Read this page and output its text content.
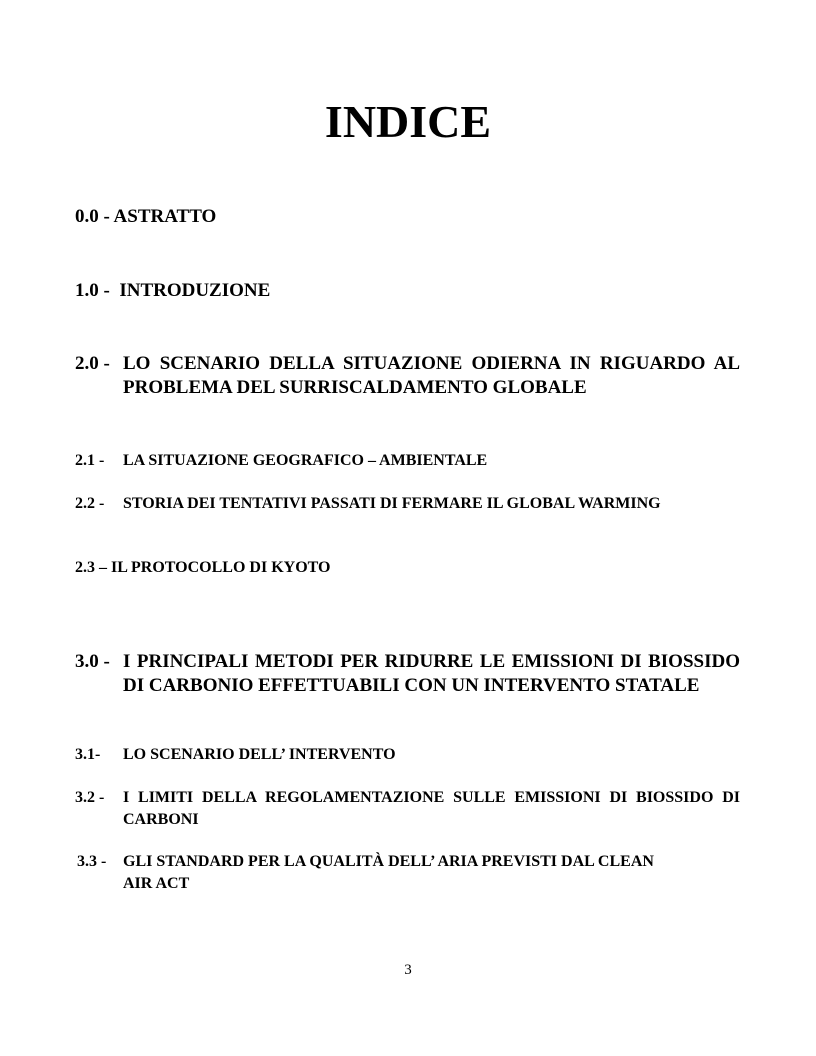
INDICE
0.0 - ASTRATTO
1.0 -  INTRODUZIONE
2.0 - LO SCENARIO DELLA SITUAZIONE ODIERNA IN RIGUARDO AL PROBLEMA DEL SURRISCALDAMENTO GLOBALE
2.1 - LA SITUAZIONE GEOGRAFICO – AMBIENTALE
2.2 - STORIA DEI TENTATIVI PASSATI DI FERMARE IL GLOBAL WARMING
2.3 – IL PROTOCOLLO DI KYOTO
3.0 - I PRINCIPALI METODI PER RIDURRE LE EMISSIONI DI BIOSSIDO DI CARBONIO EFFETTUABILI CON UN INTERVENTO STATALE
3.1- LO SCENARIO DELL’ INTERVENTO
3.2 - I LIMITI DELLA REGOLAMENTAZIONE SULLE EMISSIONI DI BIOSSIDO DI CARBONI
3.3 - GLI STANDARD PER LA QUALITÀ DELL’ ARIA PREVISTI DAL CLEAN AIR ACT
3
